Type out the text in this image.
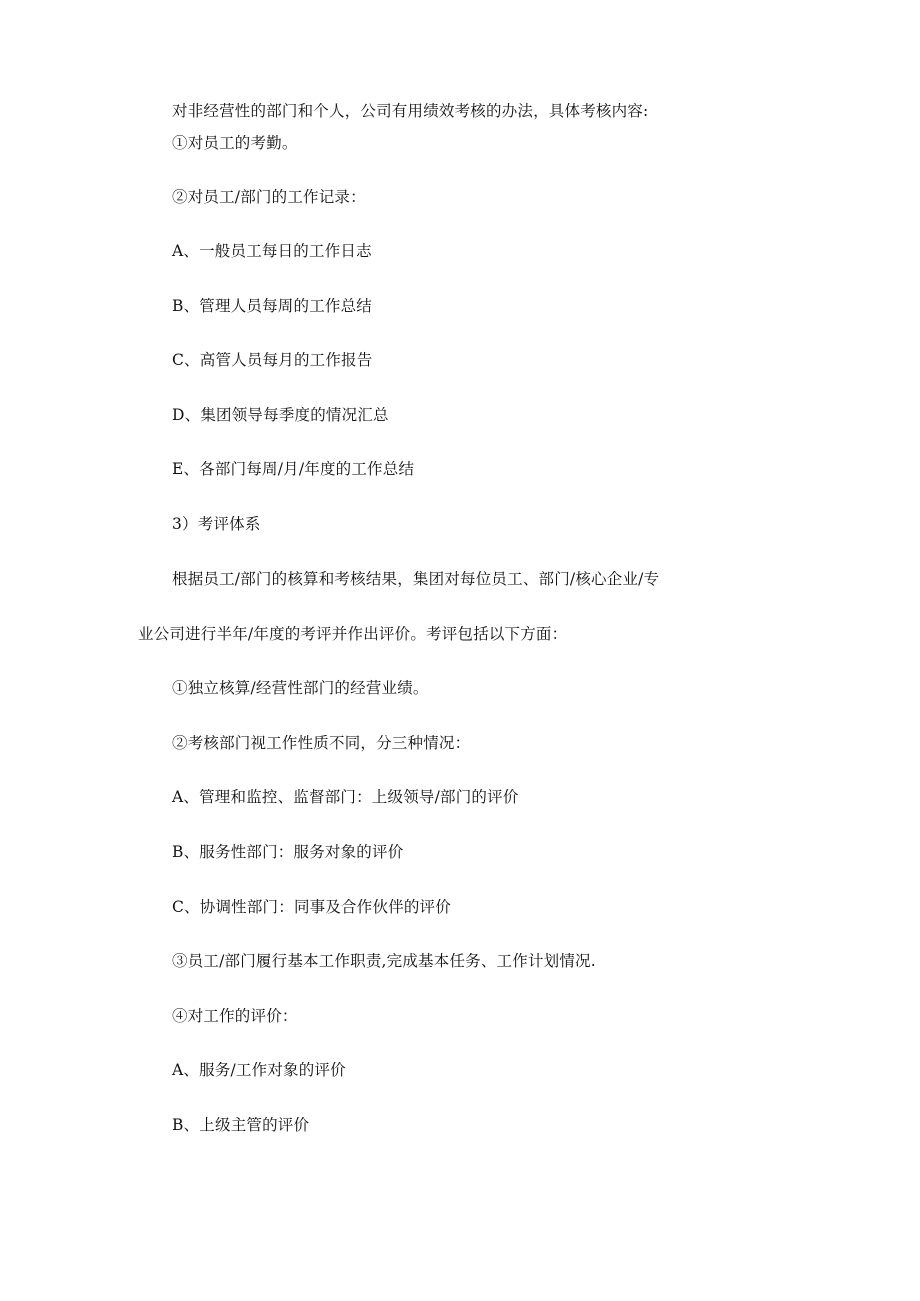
对非经营性的部门和个人，公司有用绩效考核的办法，具体考核内容:
①对员工的考勤。
②对员工/部门的工作记录：
A、一般员工每日的工作日志
B、管理人员每周的工作总结
C、高管人员每月的工作报告
D、集团领导每季度的情况汇总
E、各部门每周/月/年度的工作总结
3）考评体系
根据员工/部门的核算和考核结果，集团对每位员工、部门/核心企业/专
业公司进行半年/年度的考评并作出评价。考评包括以下方面：
①独立核算/经营性部门的经营业绩。
②考核部门视工作性质不同，分三种情况：
A、管理和监控、监督部门：上级领导/部门的评价
B、服务性部门：服务对象的评价
C、协调性部门：同事及合作伙伴的评价
③员工/部门履行基本工作职责,完成基本任务、工作计划情况.
④对工作的评价：
A、服务/工作对象的评价
B、上级主管的评价
